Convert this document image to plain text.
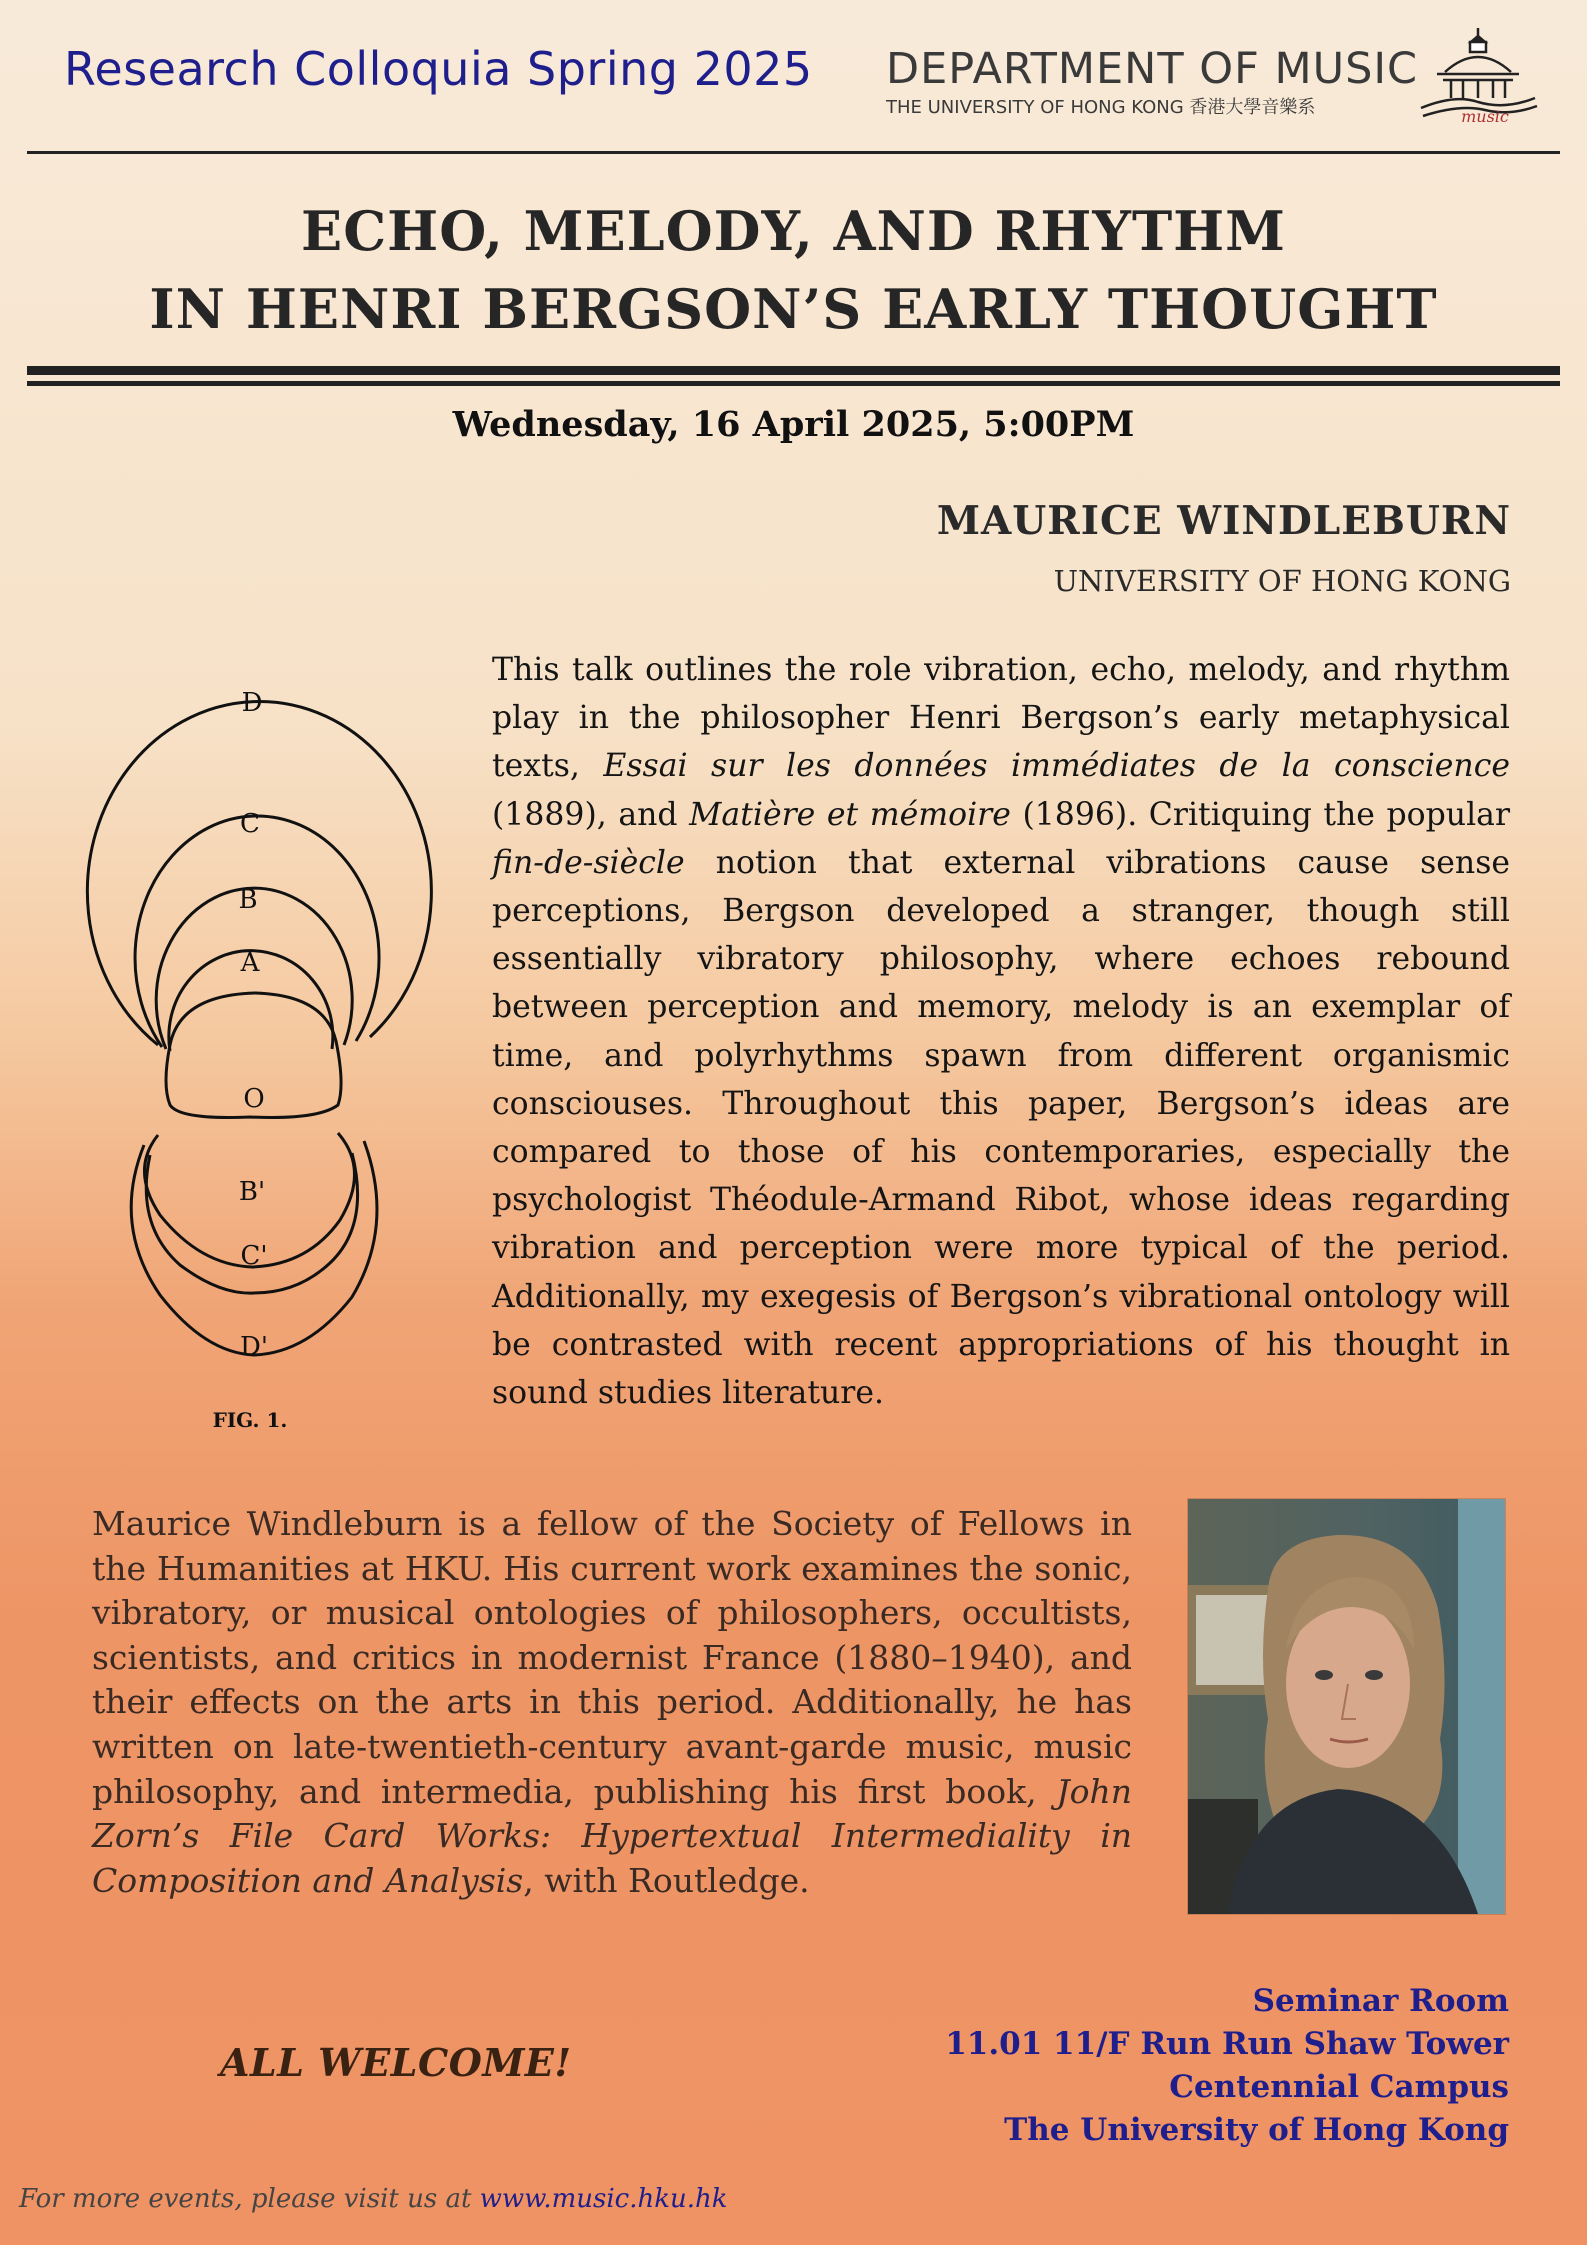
Research Colloquia Spring 2025 DEPARTMENT OF MUSIC
THE UNIVERSITY OF HONG KONG 香港大學音樂系	music
ECHO, MELODY, AND RHYTHM
IN HENRI BERGSON’S EARLY THOUGHT
Wednesday, 16 April 2025, 5:00PM
MAURICE WINDLEBURN
UNIVERSITY OF HONG KONG
D
C
B
A
O
B'
C'
D'
FIG. 1.

This talk outlines the role vibration, echo, melody, and rhythm play in the philosopher Henri Bergson’s early metaphysical texts, Essai sur les données immédiates de la conscience (1889), and Matière et mémoire (1896). Critiquing the popular fin-de-siècle notion that external vibrations cause sense perceptions, Bergson developed a stranger, though still essentially vibratory philosophy, where echoes rebound between perception and memory, melody is an exemplar of time, and polyrhythms spawn from different organismic consciouses. Throughout this paper, Bergson’s ideas are compared to those of his contemporaries, especially the psychologist Théodule-Armand Ribot, whose ideas regarding vibration and perception were more typical of the period. Additionally, my exegesis of Bergson’s vibrational ontology will be contrasted with recent appropriations of his thought in sound studies literature.

Maurice Windleburn is a fellow of the Society of Fellows in the Humanities at HKU. His current work examines the sonic, vibratory, or musical ontologies of philosophers, occultists, scientists, and critics in modernist France (1880–1940), and their effects on the arts in this period. Additionally, he has written on late-twentieth-century avant-garde music, music philosophy, and intermedia, publishing his first book, John Zorn’s File Card Works: Hypertextual Intermediality in Composition and Analysis, with Routledge.

ALL WELCOME!
Seminar Room
11.01 11/F Run Run Shaw Tower
Centennial Campus
The University of Hong Kong
For more events, please visit us at www.music.hku.hk
